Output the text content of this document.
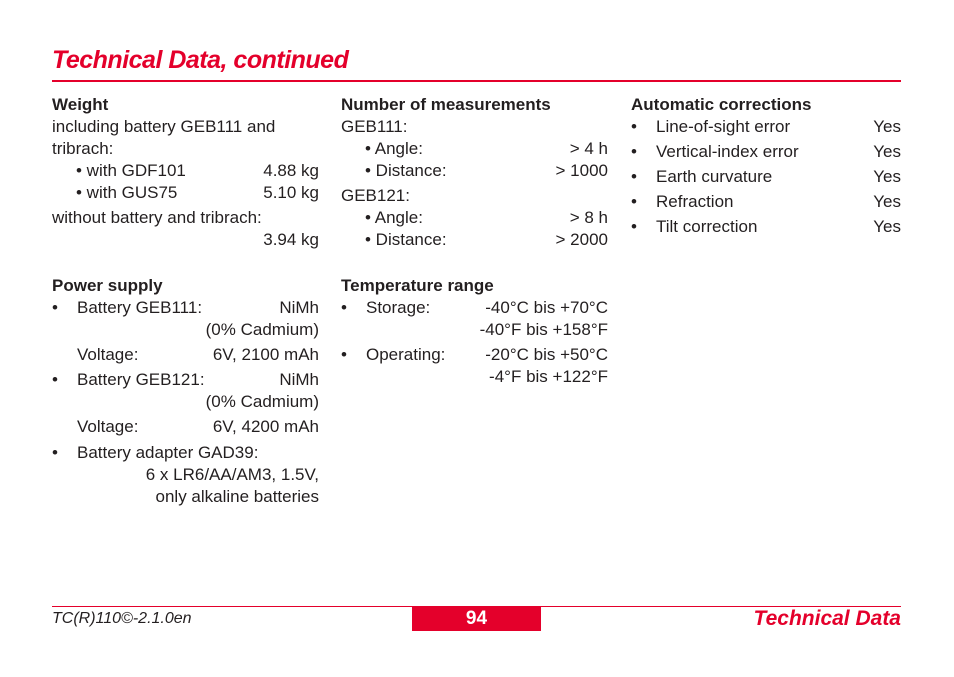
Technical Data, continued
Weight
including battery GEB111 and
tribrach:
• with GDF101	4.88 kg
• with GUS75	5.10 kg
without battery and tribrach:
3.94 kg
Power supply
• Battery GEB111:	NiMh
(0% Cadmium)
Voltage:	6V, 2100 mAh
• Battery GEB121:	NiMh
(0% Cadmium)
Voltage:	6V, 4200 mAh
• Battery adapter GAD39:
6 x LR6/AA/AM3, 1.5V,
only alkaline batteries
Number of measurements
GEB111:
• Angle:	> 4 h
• Distance:	> 1000
GEB121:
• Angle:	> 8 h
• Distance:	> 2000
Temperature range
• Storage:	-40°C bis +70°C
-40°F bis +158°F
• Operating: -20°C bis +50°C
-4°F bis +122°F
Automatic corrections
• Line-of-sight error	Yes
• Vertical-index error	Yes
• Earth curvature	Yes
• Refraction	Yes
• Tilt correction	Yes
TC(R)110©-2.1.0en	94	Technical Data
